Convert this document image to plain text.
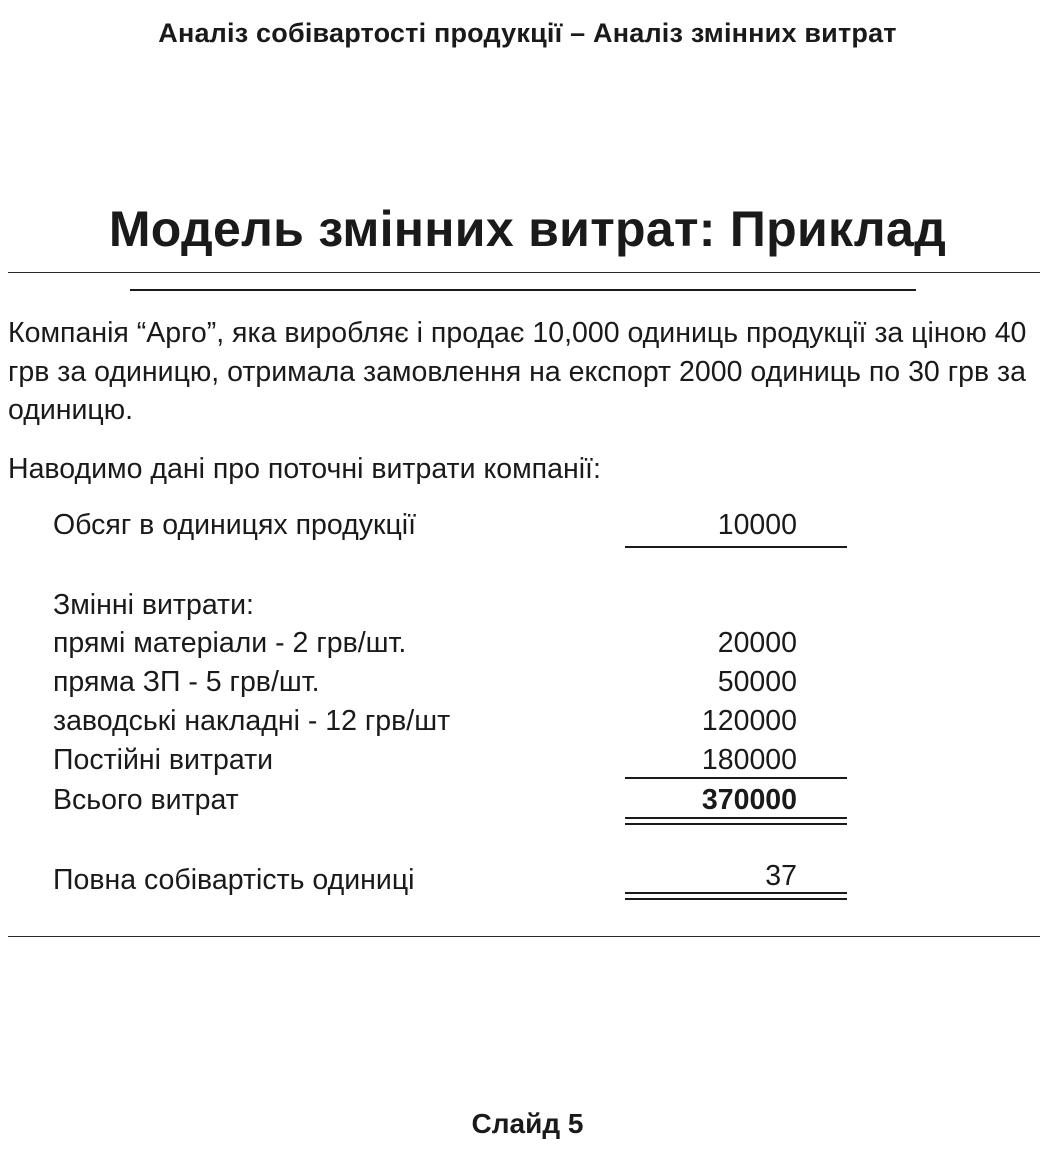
Аналіз собівартості продукції – Аналіз змінних витрат
Модель змінних витрат: Приклад

Компанія “Арго”, яка виробляє і продає 10,000 одиниць продукції за ціною 40 грв за одиницю, отримала замовлення на експорт 2000 одиниць по 30 грв за одиницю.

Наводимо дані про поточні витрати компанії:

Обсяг в одиницях продукції	10000
Змінні витрати:
прямі матеріали - 2 грв/шт.	20000
пряма ЗП - 5 грв/шт.	50000
заводські накладні - 12 грв/шт	120000
Постійні витрати	180000
Всього витрат	370000
Повна собівартість одиниці	37
Слайд 5
